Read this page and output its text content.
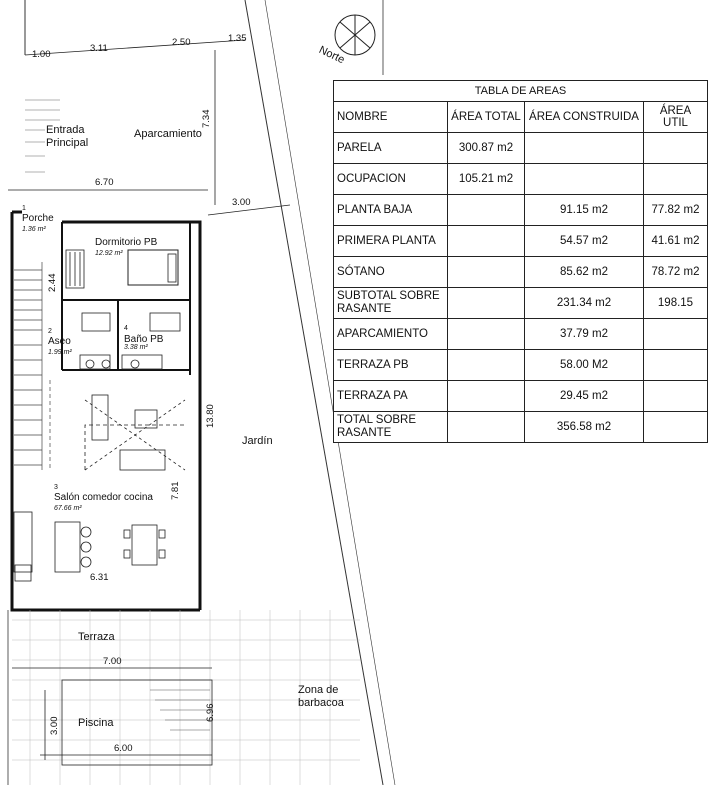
Entrada Principal
Aparcamiento
1
Porche
1.36 m²
Dormitorio PB
12.92 m²
2
Aseo
1.99 m²
4
Baño PB
3.38 m²
3
Salón comedor cocina
67.66 m²
Jardín
Terraza
Piscina
Zona de barbacoa
Norte
1.00
3.11
2.50	1.35
7.34
6.70
3.00
2.44
13.80
7.81
6.31
7.00
3.00
6.96
6.00
TABLA DE AREAS			
NOMBRE	ÁREA TOTAL	ÁREA CONSTRUIDA	ÁREA UTIL
PARELA	300.87 m2		
OCUPACION	105.21 m2		
PLANTA BAJA		91.15 m2	77.82 m2
PRIMERA PLANTA		54.57 m2	41.61 m2
SÓTANO		85.62 m2	78.72 m2
SUBTOTAL SOBRE RASANTE		231.34 m2	198.15
APARCAMIENTO		37.79 m2	
TERRAZA PB		58.00 M2	
TERRAZA PA		29.45 m2	
TOTAL SOBRE RASANTE		356.58 m2	
